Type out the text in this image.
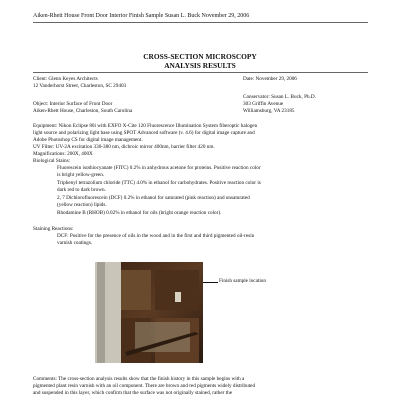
Aiken-Rhett House Front Door Interior Finish Sample Susan L. Buck November 29, 2006
CROSS-SECTION MICROSCOPY
ANALYSIS RESULTS
Client: Glenn Keyes Architects
12 Vanderhorst Street, Charleston, SC 29403
Date: November 29, 2006
Conservator: Susan L. Buck, Ph.D.
303 Griffin Avenue
Williamsburg, VA 23185
Object: Interior Surface of Front Door
Aiken-Rhett House, Charleston, South Carolina
Equipment: Nikon Eclipse 80i with EXFO X-Cite 120 Fluorescence Illumination System fiberoptic halogen
light source and polarizing light base using SPOT Advanced software (v. 4.6) for digital image capture and
Adobe Photoshop CS for digital image management.
UV Filter: UV-2A excitation 330-380 nm, dichroic mirror 400nm, barrier filter 420 nm.
Magnifications: 200X, 400X
Biological Stains:
Fluorescein isothiocyanate (FITC) 0.2% in anhydrous acetone for proteins. Positive reaction color
is bright yellow-green.
Triphenyl tetrazolium chloride (TTC) 4.0% in ethanol for carbohydrates. Positive reaction color is
dark red to dark brown.
2, 7 Dichlorofluorescein (DCF) 0.2% in ethanol for saturated (pink reaction) and unsaturated
(yellow reaction) lipids.
Rhodamine B (RHOB) 0.02% in ethanol for oils (bright orange reaction color).
Staining Reactions:
DCF: Positive for the presence of oils in the wood and in the first and third pigmented oil-resin
varnish coatings.
Finish sample location
Comments: The cross-section analysis results show that the finish history in this sample begins with a
pigmented plant resin varnish with an oil component. There are brown and red pigments widely distributed
and suspended in this layer, which confirm that the surface was not originally stained, rather the
